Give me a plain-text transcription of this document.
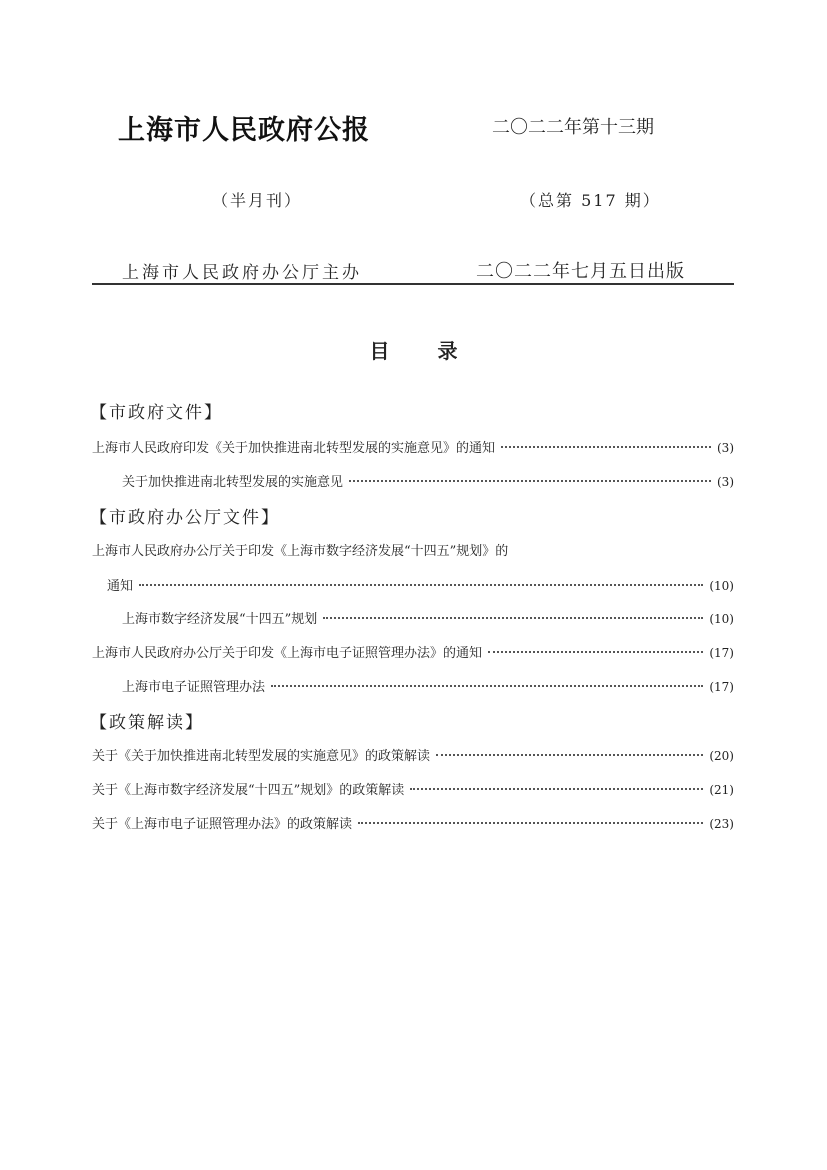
上海市人民政府公报	二〇二二年第十三期
（半月刊）	（总第 517 期）
上海市人民政府办公厅主办	二〇二二年七月五日出版
目 录
【市政府文件】
上海市人民政府印发《关于加快推进南北转型发展的实施意见》的通知	(3)
关于加快推进南北转型发展的实施意见	(3)
【市政府办公厅文件】
上海市人民政府办公厅关于印发《上海市数字经济发展“十四五”规划》的
通知	(10)
上海市数字经济发展“十四五”规划	(10)
上海市人民政府办公厅关于印发《上海市电子证照管理办法》的通知	(17)
上海市电子证照管理办法	(17)
【政策解读】
关于《关于加快推进南北转型发展的实施意见》的政策解读	(20)
关于《上海市数字经济发展“十四五”规划》的政策解读	(21)
关于《上海市电子证照管理办法》的政策解读	(23)
